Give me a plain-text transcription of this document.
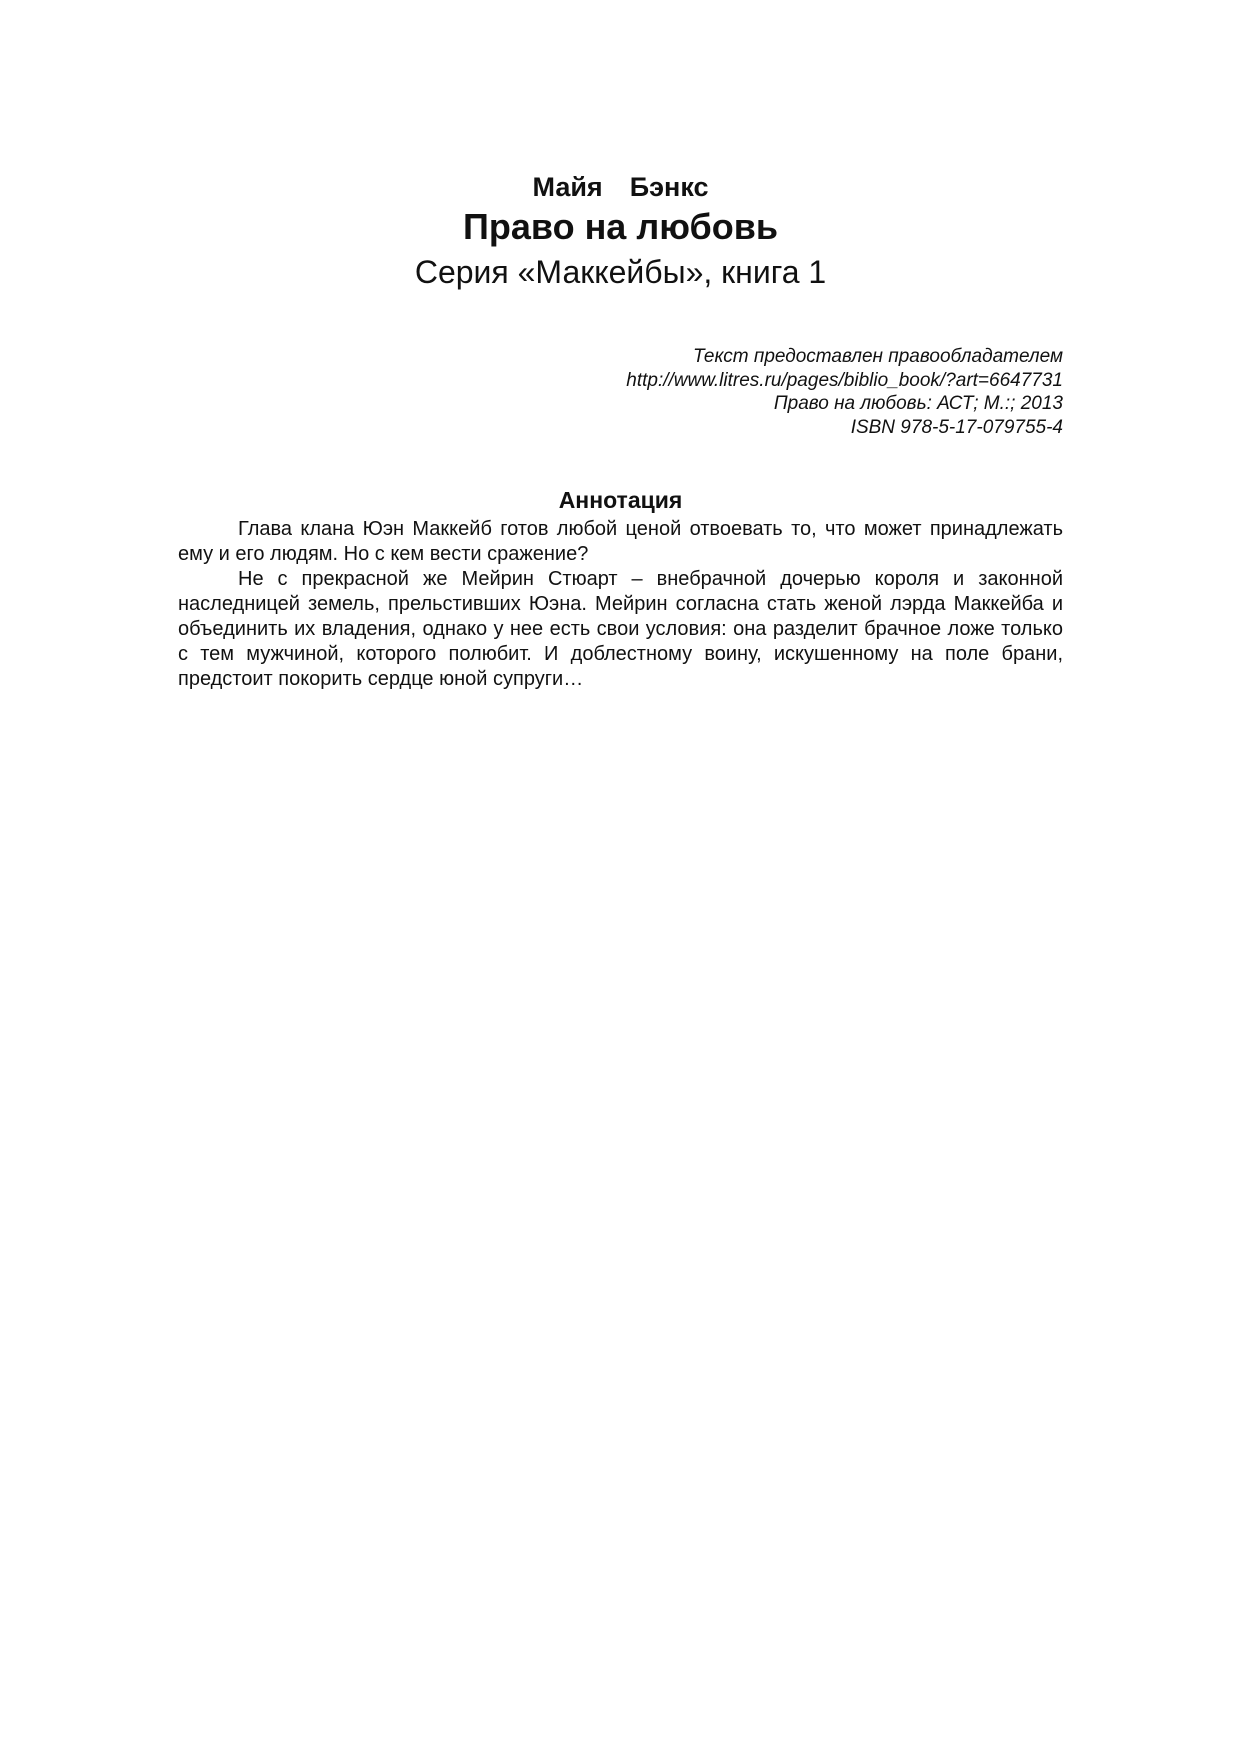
Майя  Бэнкс

Право на любовь

Серия «Маккейбы», книга 1

Текст предоставлен правообладателем
http://www.litres.ru/pages/biblio_book/?art=6647731
Право на любовь: АСТ; М.:; 2013
ISBN 978-5-17-079755-4
Аннотация

Глава клана Юэн Маккейб готов любой ценой отвоевать то, что может принадлежать ему и его людям. Но с кем вести сражение?

Не с прекрасной же Мейрин Стюарт – внебрачной дочерью короля и законной наследницей земель, прельстивших Юэна. Мейрин согласна стать женой лэрда Маккейба и объединить их владения, однако у нее есть свои условия: она разделит брачное ложе только с тем мужчиной, которого полюбит. И доблестному воину, искушенному на поле брани, предстоит покорить сердце юной супруги…
